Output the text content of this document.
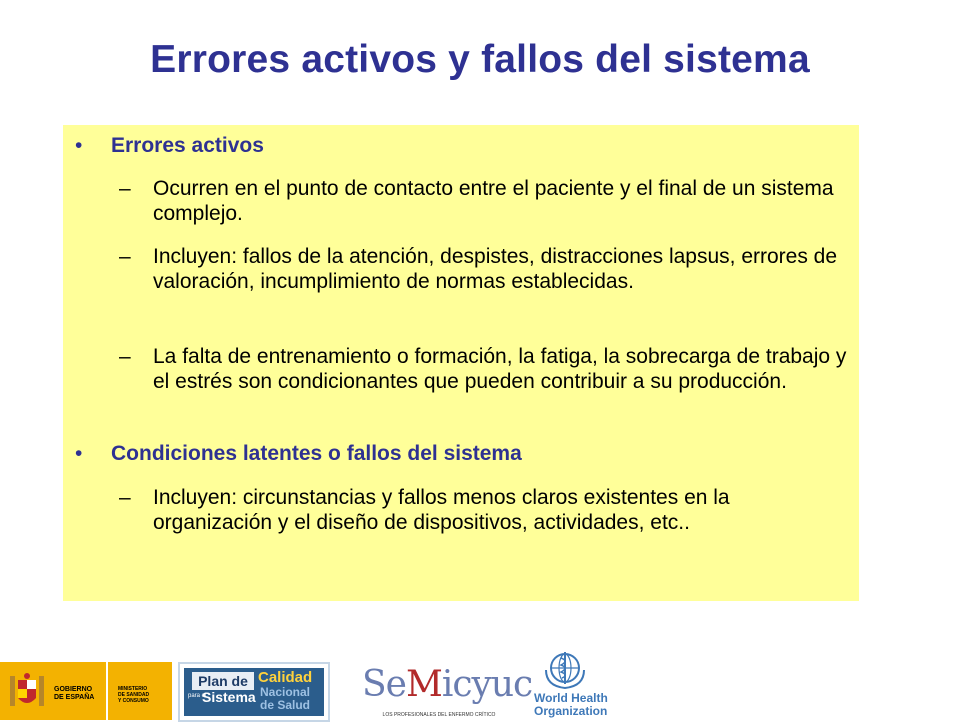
Errores activos y fallos del sistema
• Errores activos
– Ocurren en el punto de contacto entre el paciente y el final de un sistema complejo.
– Incluyen: fallos de la atención, despistes, distracciones lapsus, errores de valoración, incumplimiento de normas establecidas.
– La falta de entrenamiento o formación, la fatiga, la sobrecarga de trabajo y el estrés son condicionantes que pueden contribuir a su producción.
• Condiciones latentes o fallos del sistema
– Incluyen: circunstancias y fallos menos claros existentes en la organización y el diseño de dispositivos, actividades, etc..
GOBIERNO
DE ESPAÑA
MINISTERIO
DE SANIDAD
Y CONSUMO
Plan de
para el
Sistema
Calidad
Nacional
de Salud SeMicyuc
LOS PROFESIONALES DEL ENFERMO CRÍTICO
World Health
Organization
